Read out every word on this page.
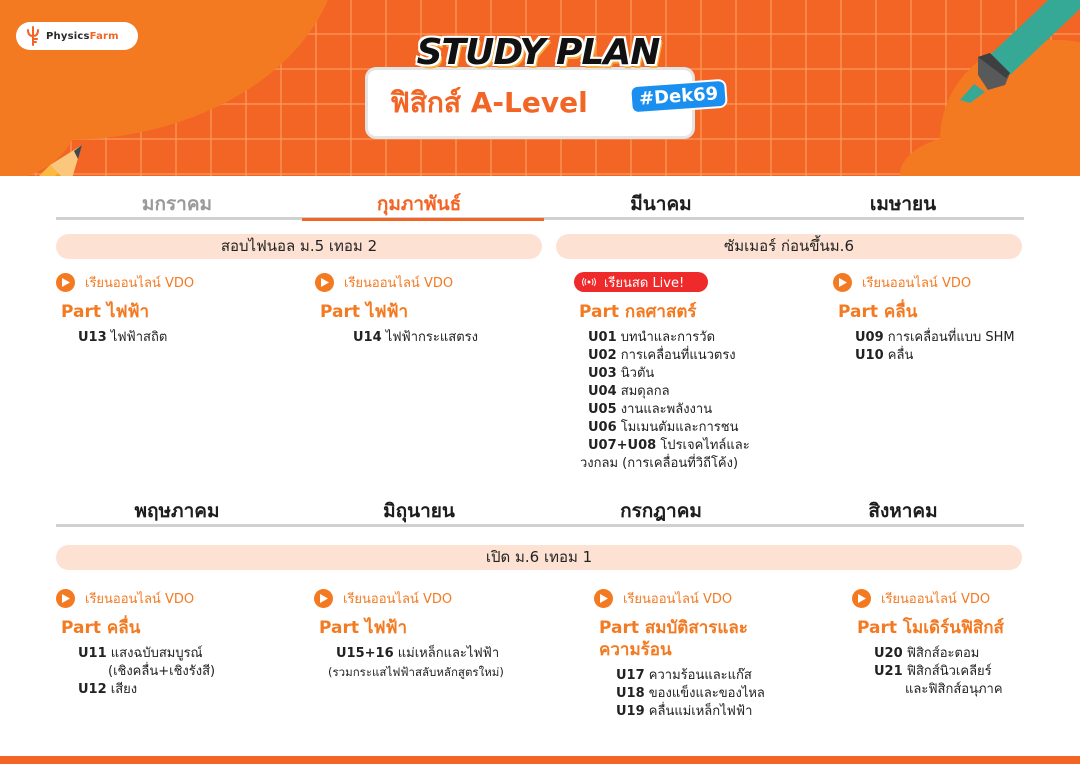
PhysicsFarm
ฟิสิกส์ A-Level
STUDY PLAN
#Dek69
มกราคม	กุมภาพันธ์	มีนาคม	เมษายน
สอบไฟนอล ม.5 เทอม 2	ซัมเมอร์ ก่อนขึ้นม.6
เรียนออนไลน์ VDO
Part ไฟฟ้า
U13 ไฟฟ้าสถิต
เรียนออนไลน์ VDO
Part ไฟฟ้า
U14 ไฟฟ้ากระแสตรง
เรียนสด Live!
Part กลศาสตร์
U01 บทนำและการวัด
U02 การเคลื่อนที่แนวตรง
U03 นิวตัน
U04 สมดุลกล
U05 งานและพลังงาน
U06 โมเมนตัมและการชน
U07+U08 โปรเจคไทล์และ
วงกลม (การเคลื่อนที่วิถีโค้ง)
เรียนออนไลน์ VDO
Part คลื่น
U09 การเคลื่อนที่แบบ SHM
U10 คลื่น
พฤษภาคม	มิถุนายน	กรกฎาคม	สิงหาคม
เปิด ม.6 เทอม 1
เรียนออนไลน์ VDO
Part คลื่น
U11 แสงฉบับสมบูรณ์
(เชิงคลื่น+เชิงรังสี)
U12 เสียง
เรียนออนไลน์ VDO
Part ไฟฟ้า
U15+16 แม่เหล็กและไฟฟ้า
(รวมกระแสไฟฟ้าสลับหลักสูตรใหม่)
เรียนออนไลน์ VDO
Part สมบัติสารและ
ความร้อน
U17 ความร้อนและแก๊ส
U18 ของแข็งและของไหล
U19 คลื่นแม่เหล็กไฟฟ้า
เรียนออนไลน์ VDO
Part โมเดิร์นฟิสิกส์
U20 ฟิสิกส์อะตอม
U21 ฟิสิกส์นิวเคลียร์
และฟิสิกส์อนุภาค
